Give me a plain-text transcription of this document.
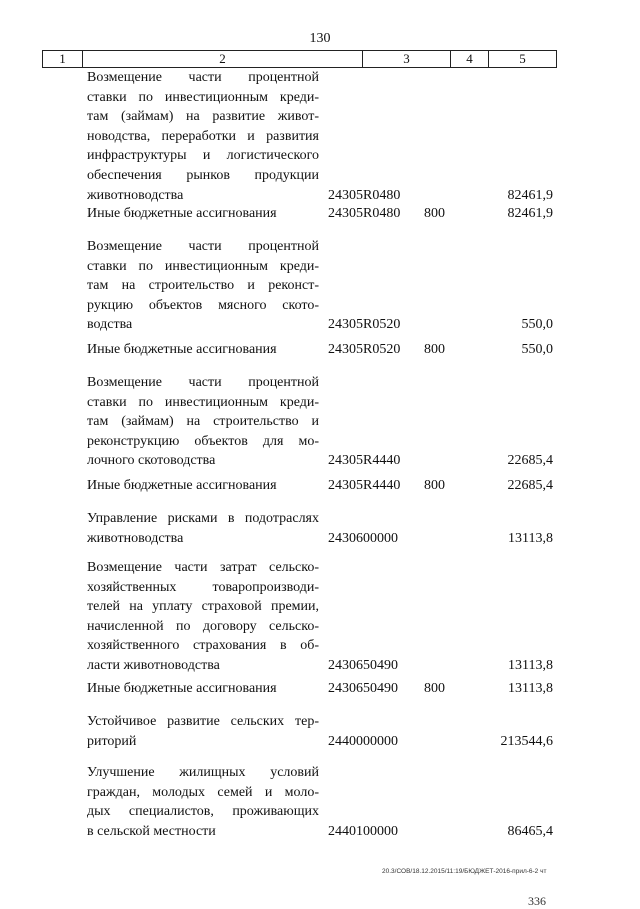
130
1	2	3	4	5
Возмещение части процентной
ставки по инвестиционным креди-
там (займам) на развитие живот-
новодства, переработки и развития
инфраструктуры и логистического
обеспечения рынков продукции
животноводства	24305R0480	82461,9
Иные бюджетные ассигнования	24305R0480 800	82461,9
Возмещение части процентной
ставки по инвестиционным креди-
там на строительство и реконст-
рукцию объектов мясного ското-
водства	24305R0520	550,0
Иные бюджетные ассигнования	24305R0520 800	550,0
Возмещение части процентной
ставки по инвестиционным креди-
там (займам) на строительство и
реконструкцию объектов для мо-
лочного скотоводства	24305R4440	22685,4
Иные бюджетные ассигнования	24305R4440 800	22685,4
Управление рисками в подотраслях
животноводства	2430600000	13113,8
Возмещение части затрат сельско-
хозяйственных товаропроизводи-
телей на уплату страховой премии,
начисленной по договору сельско-
хозяйственного страхования в об-
ласти животноводства	2430650490	13113,8
Иные бюджетные ассигнования	2430650490 800	13113,8
Устойчивое развитие сельских тер-
риторий	2440000000	213544,6
Улучшение жилищных условий
граждан, молодых семей и моло-
дых специалистов, проживающих
в сельской местности	2440100000	86465,4
20.3/СОВ/18.12.2015/11:19/БЮДЖЕТ-2016-прил-6-2 чт
336
